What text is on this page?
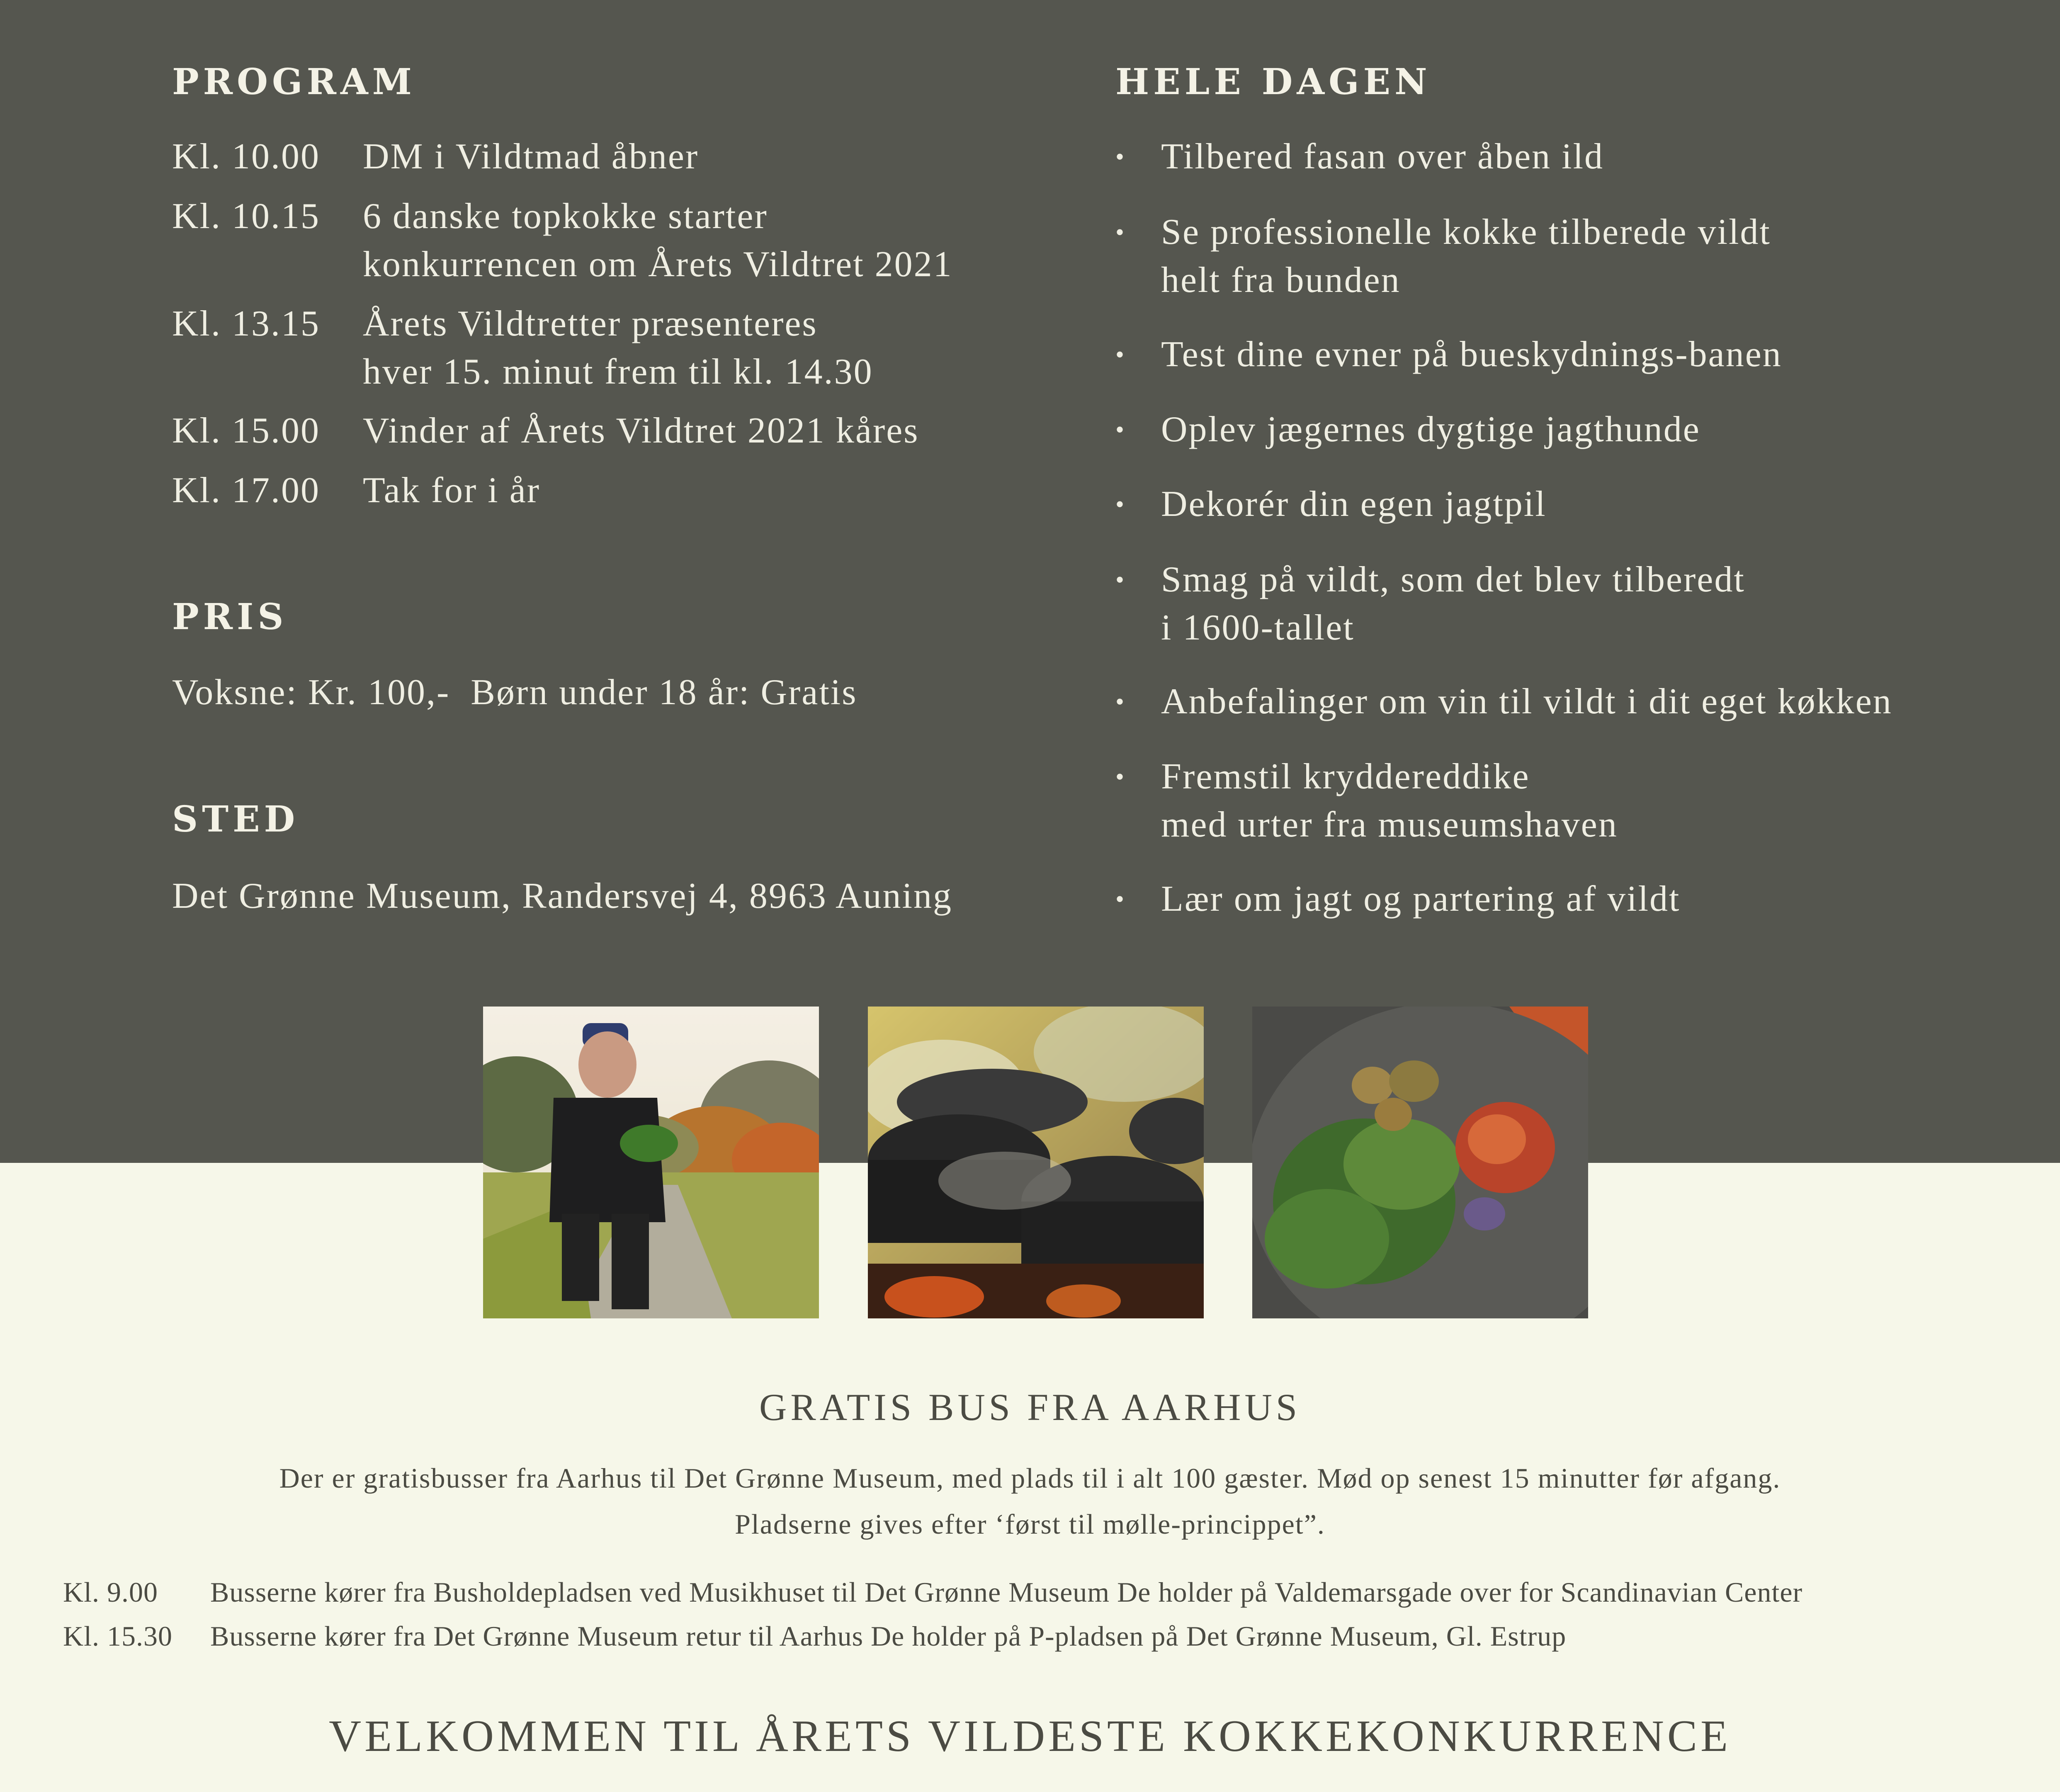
PROGRAM
Kl. 10.00	DM i Vildtmad åbner
Kl. 10.15	6 danske topkokke starter
konkurrencen om Årets Vildtret 2021
Kl. 13.15	Årets Vildtretter præsenteres
hver 15. minut frem til kl. 14.30
Kl. 15.00	Vinder af Årets Vildtret 2021 kåres
Kl. 17.00	Tak for i år
PRIS
Voksne: Kr. 100,-  Børn under 18 år: Gratis
STED
Det Grønne Museum, Randersvej 4, 8963 Auning
HELE DAGEN
• Tilbered fasan over åben ild
• Se professionelle kokke tilberede vildt
helt fra bunden
• Test dine evner på bueskydnings-banen
• Oplev jægernes dygtige jagthunde
• Dekorér din egen jagtpil
• Smag på vildt, som det blev tilberedt
i 1600-tallet
• Anbefalinger om vin til vildt i dit eget køkken
• Fremstil kryddereddike
med urter fra museumshaven
• Lær om jagt og partering af vildt
GRATIS BUS FRA AARHUS
Der er gratisbusser fra Aarhus til Det Grønne Museum, med plads til i alt 100 gæster. Mød op senest 15 minutter før afgang.
Pladserne gives efter ‘først til mølle-princippet”.
Kl. 9.00	Busserne kører fra Busholdepladsen ved Musikhuset til Det Grønne Museum De holder på Valdemarsgade over for Scandinavian Center
Kl. 15.30	Busserne kører fra Det Grønne Museum retur til Aarhus De holder på P-pladsen på Det Grønne Museum, Gl. Estrup
VELKOMMEN TIL ÅRETS VILDESTE KOKKEKONKURRENCE
